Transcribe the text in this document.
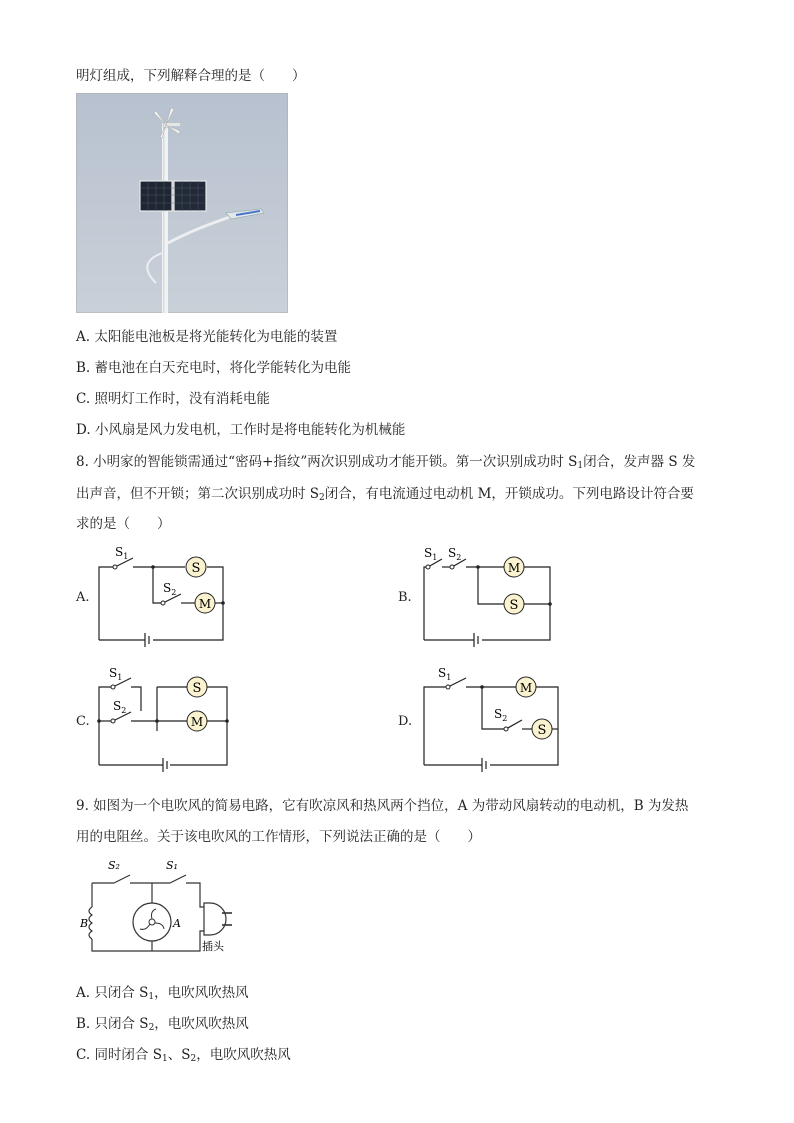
明灯组成，下列解释合理的是（　　）
A. 太阳能电池板是将光能转化为电能的装置
B. 蓄电池在白天充电时，将化学能转化为电能
C. 照明灯工作时，没有消耗电能
D. 小风扇是风力发电机，工作时是将电能转化为机械能
8. 小明家的智能锁需通过“密码+指纹”两次识别成功才能开锁。第一次识别成功时 $S_1$闭合，发声器 S 发
出声音，但不开锁；第二次识别成功时 $S_2$闭合，有电流通过电动机 M，开锁成功。下列电路设计符合要
求的是（　　）
A.	B.
C.	D.
S
M
$S_1$
$S_2$
M
S
$S_1$ $S_2$
S
M
$S_1$
$S_2$
M
S
$S_1$
$S_2$
9. 如图为一个电吹风的简易电路，它有吹凉风和热风两个挡位，A 为带动风扇转动的电动机，B 为发热
用的电阻丝。关于该电吹风的工作情形，下列说法正确的是（　　）
S₂	S₁
B	A
插头
A. 只闭合 $S_1$，电吹风吹热风
B. 只闭合 $S_2$，电吹风吹热风
C. 同时闭合 $S_1$、$S_2$，电吹风吹热风
